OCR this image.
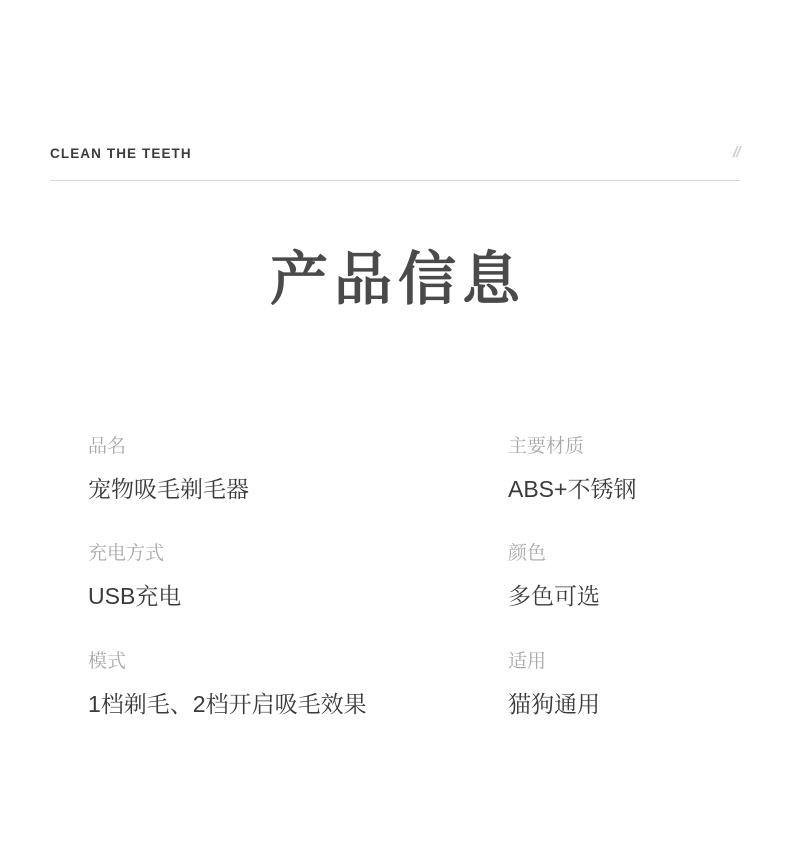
CLEAN THE TEETH	//
产品信息
品名
宠物吸毛剃毛器
主要材质
ABS+不锈钢
充电方式
USB充电
颜色
多色可选
模式
1档剃毛、2档开启吸毛效果
适用
猫狗通用
